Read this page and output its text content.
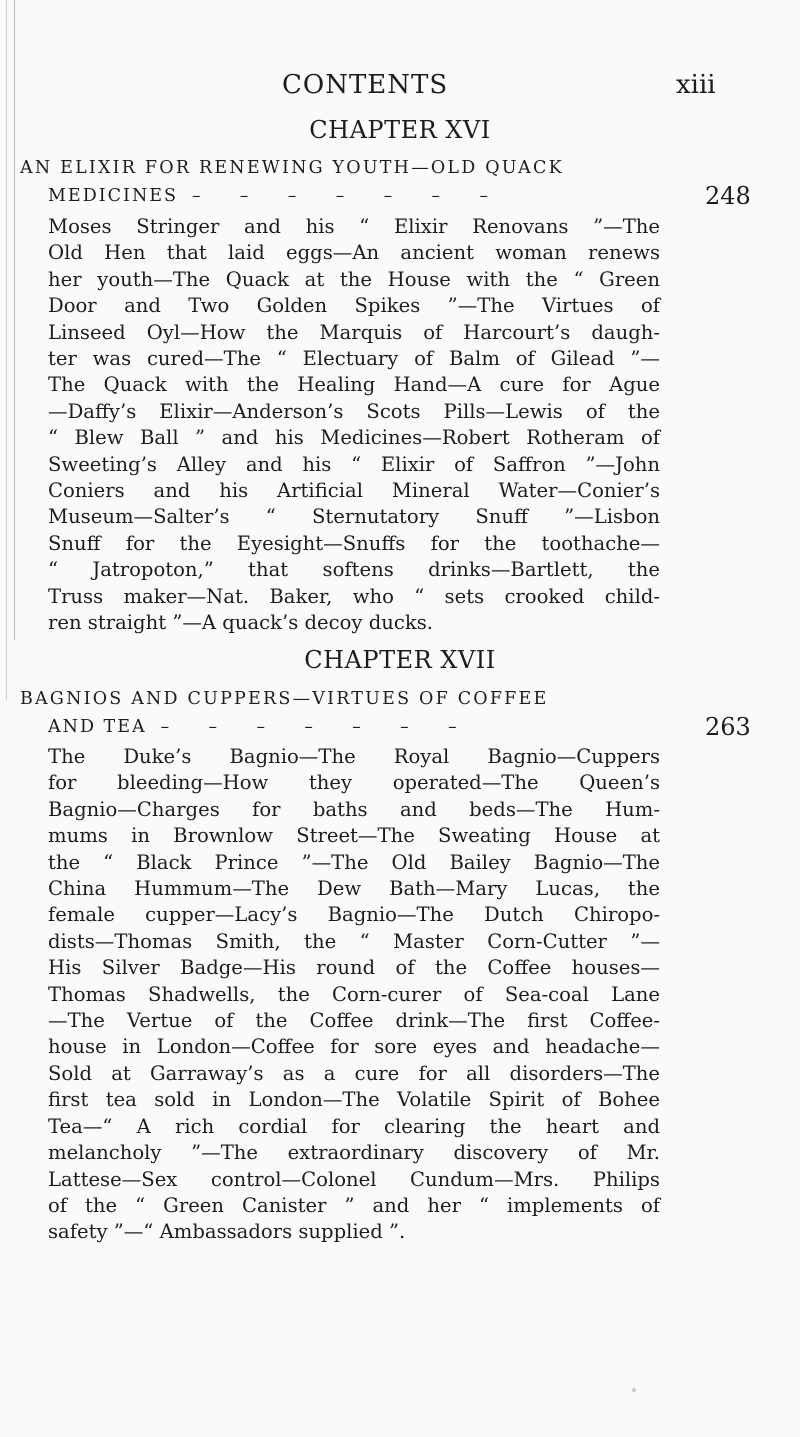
CONTENTS	xiii
CHAPTER XVI
AN ELIXIR FOR RENEWING YOUTH—OLD QUACK
MEDICINES – – – – – – –	248
Moses Stringer and his “ Elixir Renovans ”—The
Old Hen that laid eggs—An ancient woman renews
her youth—The Quack at the House with the “ Green
Door and Two Golden Spikes ”—The Virtues of
Linseed Oyl—How the Marquis of Harcourt’s daugh-
ter was cured—The “ Electuary of Balm of Gilead ”—
The Quack with the Healing Hand—A cure for Ague
—Daffy’s Elixir—Anderson’s Scots Pills—Lewis of the
“ Blew Ball ” and his Medicines—Robert Rotheram of
Sweeting’s Alley and his “ Elixir of Saffron ”—John
Coniers and his Artificial Mineral Water—Conier’s
Museum—Salter’s “ Sternutatory Snuff ”—Lisbon
Snuff for the Eyesight—Snuffs for the toothache—
“ Jatropoton,” that softens drinks—Bartlett, the
Truss maker—Nat. Baker, who “ sets crooked child-
ren straight ”—A quack’s decoy ducks.
CHAPTER XVII
BAGNIOS AND CUPPERS—VIRTUES OF COFFEE
AND TEA – – – – – – –	263
The Duke’s Bagnio—The Royal Bagnio—Cuppers
for bleeding—How they operated—The Queen’s
Bagnio—Charges for baths and beds—The Hum-
mums in Brownlow Street—The Sweating House at
the “ Black Prince ”—The Old Bailey Bagnio—The
China Hummum—The Dew Bath—Mary Lucas, the
female cupper—Lacy’s Bagnio—The Dutch Chiropo-
dists—Thomas Smith, the “ Master Corn-Cutter ”—
His Silver Badge—His round of the Coffee houses—
Thomas Shadwells, the Corn-curer of Sea-coal Lane
—The Vertue of the Coffee drink—The first Coffee-
house in London—Coffee for sore eyes and headache—
Sold at Garraway’s as a cure for all disorders—The
first tea sold in London—The Volatile Spirit of Bohee
Tea—“ A rich cordial for clearing the heart and
melancholy ”—The extraordinary discovery of Mr.
Lattese—Sex control—Colonel Cundum—Mrs. Philips
of the “ Green Canister ” and her “ implements of
safety ”—“ Ambassadors supplied ”.
